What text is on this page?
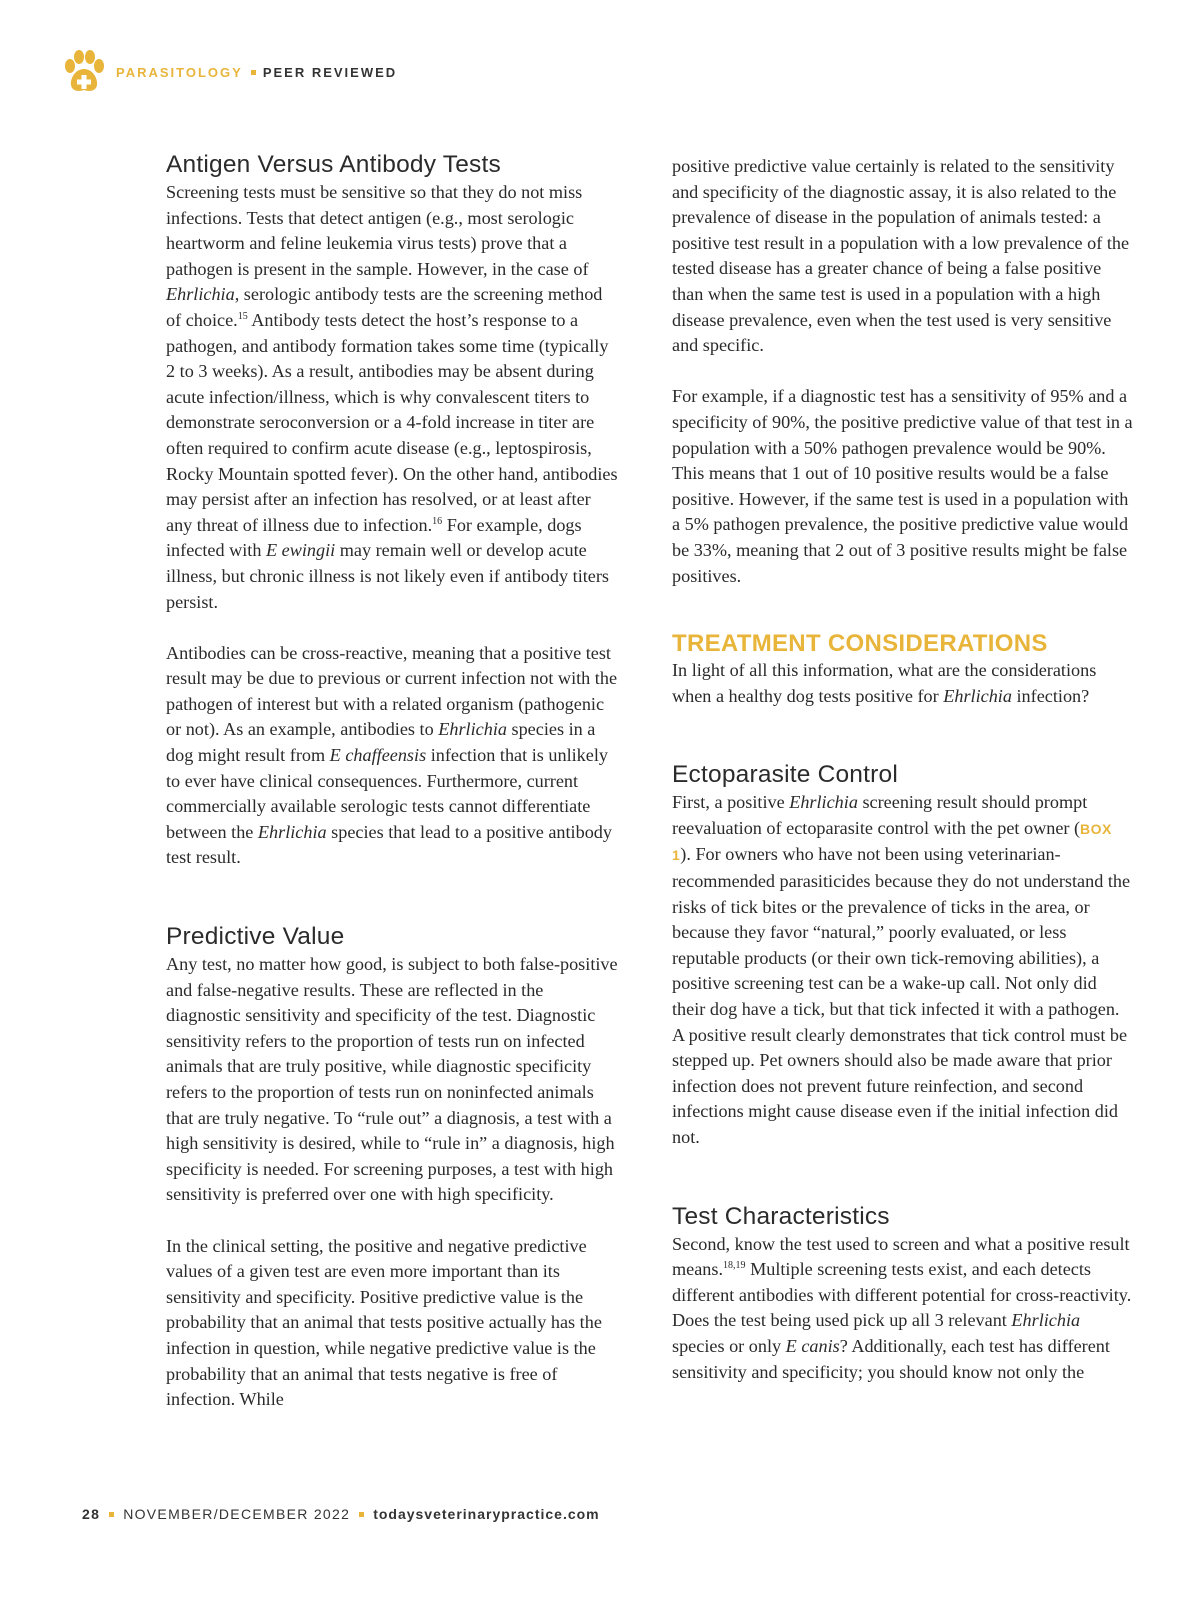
PARASITOLOGY PEER REVIEWED
Antigen Versus Antibody Tests

Screening tests must be sensitive so that they do not miss infections. Tests that detect antigen (e.g., most serologic heartworm and feline leukemia virus tests) prove that a pathogen is present in the sample. However, in the case of Ehrlichia, serologic antibody tests are the screening method of choice.$^{15}$ Antibody tests detect the host’s response to a pathogen, and antibody formation takes some time (typically 2 to 3 weeks). As a result, antibodies may be absent during acute infection/illness, which is why convalescent titers to demonstrate seroconversion or a 4-fold increase in titer are often required to confirm acute disease (e.g., leptospirosis, Rocky Mountain spotted fever). On the other hand, antibodies may persist after an infection has resolved, or at least after any threat of illness due to infection.$^{16}$ For example, dogs infected with E ewingii may remain well or develop acute illness, but chronic illness is not likely even if antibody titers persist.

Antibodies can be cross-reactive, meaning that a positive test result may be due to previous or current infection not with the pathogen of interest but with a related organism (pathogenic or not). As an example, antibodies to Ehrlichia species in a dog might result from E chaffeensis infection that is unlikely to ever have clinical consequences. Furthermore, current commercially available serologic tests cannot differentiate between the Ehrlichia species that lead to a positive antibody test result.

Predictive Value

Any test, no matter how good, is subject to both false-positive and false-negative results. These are reflected in the diagnostic sensitivity and specificity of the test. Diagnostic sensitivity refers to the proportion of tests run on infected animals that are truly positive, while diagnostic specificity refers to the proportion of tests run on noninfected animals that are truly negative. To “rule out” a diagnosis, a test with a high sensitivity is desired, while to “rule in” a diagnosis, high specificity is needed. For screening purposes, a test with high sensitivity is preferred over one with high specificity.

In the clinical setting, the positive and negative predictive values of a given test are even more important than its sensitivity and specificity. Positive predictive value is the probability that an animal that tests positive actually has the infection in question, while negative predictive value is the probability that an animal that tests negative is free of infection. While

positive predictive value certainly is related to the sensitivity and specificity of the diagnostic assay, it is also related to the prevalence of disease in the population of animals tested: a positive test result in a population with a low prevalence of the tested disease has a greater chance of being a false positive than when the same test is used in a population with a high disease prevalence, even when the test used is very sensitive and specific.

For example, if a diagnostic test has a sensitivity of 95% and a specificity of 90%, the positive predictive value of that test in a population with a 50% pathogen prevalence would be 90%. This means that 1 out of 10 positive results would be a false positive. However, if the same test is used in a population with a 5% pathogen prevalence, the positive predictive value would be 33%, meaning that 2 out of 3 positive results might be false positives.

TREATMENT CONSIDERATIONS

In light of all this information, what are the considerations when a healthy dog tests positive for Ehrlichia infection?

Ectoparasite Control

First, a positive Ehrlichia screening result should prompt reevaluation of ectoparasite control with the pet owner (BOX 1). For owners who have not been using veterinarian-recommended parasiticides because they do not understand the risks of tick bites or the prevalence of ticks in the area, or because they favor “natural,” poorly evaluated, or less reputable products (or their own tick-removing abilities), a positive screening test can be a wake-up call. Not only did their dog have a tick, but that tick infected it with a pathogen. A positive result clearly demonstrates that tick control must be stepped up. Pet owners should also be made aware that prior infection does not prevent future reinfection, and second infections might cause disease even if the initial infection did not.

Test Characteristics

Second, know the test used to screen and what a positive result means.$^{18,19}$ Multiple screening tests exist, and each detects different antibodies with different potential for cross-reactivity. Does the test being used pick up all 3 relevant Ehrlichia species or only E canis? Additionally, each test has different sensitivity and specificity; you should know not only the

28 NOVEMBER/DECEMBER 2022 todaysveterinarypractice.com
